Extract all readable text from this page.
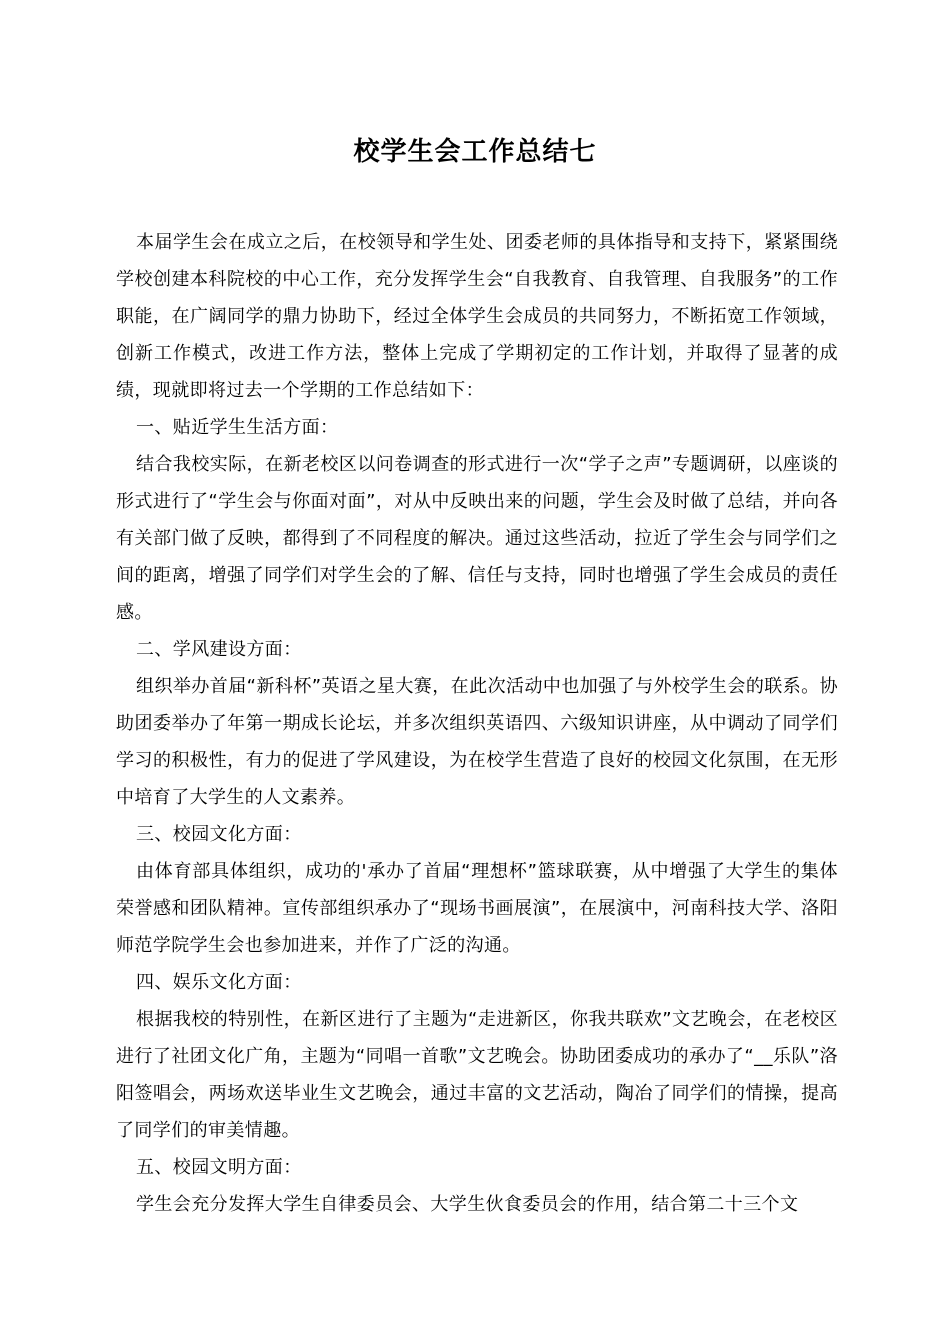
校学生会工作总结七

本届学生会在成立之后，在校领导和学生处、团委老师的具体指导和支持下，紧紧围绕学校创建本科院校的中心工作，充分发挥学生会“自我教育、自我管理、自我服务”的工作职能，在广阔同学的鼎力协助下，经过全体学生会成员的共同努力，不断拓宽工作领域，创新工作模式，改进工作方法，整体上完成了学期初定的工作计划，并取得了显著的成绩，现就即将过去一个学期的工作总结如下：

一、贴近学生生活方面：

结合我校实际，在新老校区以问卷调查的形式进行一次“学子之声”专题调研，以座谈的形式进行了“学生会与你面对面”，对从中反映出来的问题，学生会及时做了总结，并向各有关部门做了反映，都得到了不同程度的解决。通过这些活动，拉近了学生会与同学们之间的距离，增强了同学们对学生会的了解、信任与支持，同时也增强了学生会成员的责任感。

二、学风建设方面：

组织举办首届“新科杯”英语之星大赛，在此次活动中也加强了与外校学生会的联系。协助团委举办了年第一期成长论坛，并多次组织英语四、六级知识讲座，从中调动了同学们学习的积极性，有力的促进了学风建设，为在校学生营造了良好的校园文化氛围，在无形中培育了大学生的人文素养。

三、校园文化方面：

由体育部具体组织，成功的'承办了首届“理想杯”篮球联赛，从中增强了大学生的集体荣誉感和团队精神。宣传部组织承办了“现场书画展演”，在展演中，河南科技大学、洛阳师范学院学生会也参加进来，并作了广泛的沟通。

四、娱乐文化方面：

根据我校的特别性，在新区进行了主题为“走进新区，你我共联欢”文艺晚会，在老校区进行了社团文化广角，主题为“同唱一首歌”文艺晚会。协助团委成功的承办了“__乐队”洛阳签唱会，两场欢送毕业生文艺晚会，通过丰富的文艺活动，陶冶了同学们的情操，提高了同学们的审美情趣。

五、校园文明方面：

学生会充分发挥大学生自律委员会、大学生伙食委员会的作用，结合第二十三个文
